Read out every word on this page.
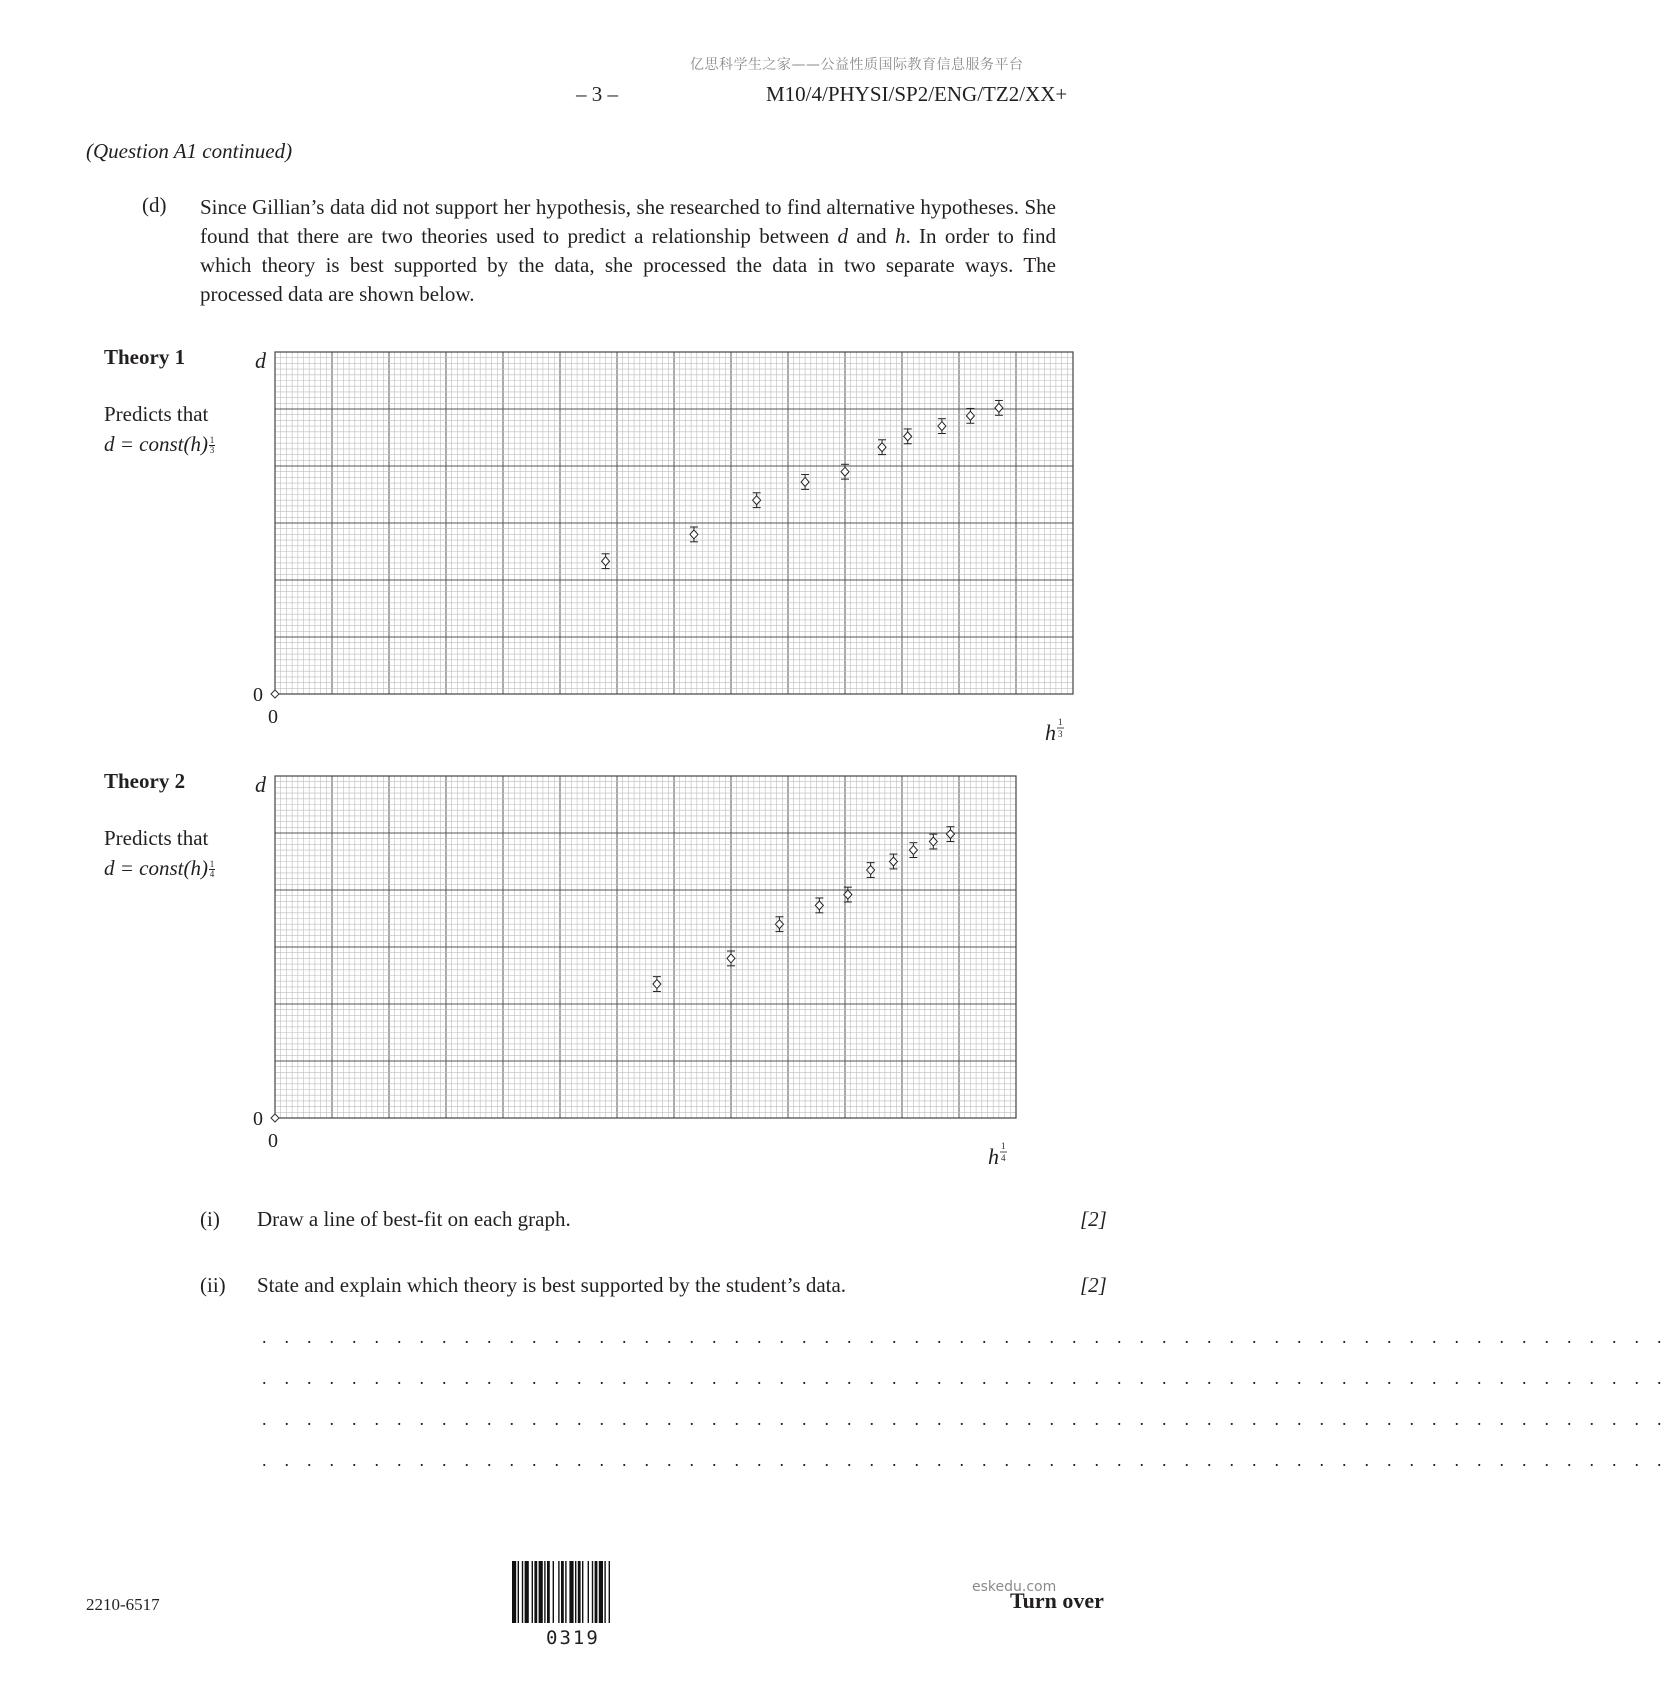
亿思科学生之家——公益性质国际教育信息服务平台
– 3 –	M10/4/PHYSI/SP2/ENG/TZ2/XX+
(Question A1 continued)
(d) Since Gillian’s data did not support her hypothesis, she researched to find alternative hypotheses. She found that there are two theories used to predict a relationship between d and h. In order to find which theory is best supported by the data, she processed the data in two separate ways. The processed data are shown below.
Theory 1
Predicts that
d = const(h) $\frac{1}{3}$
d
0
0
h 1
3
Theory 2
Predicts that
d = const(h) $\frac{1}{4}$
d
0
0
h 1
4
(i) Draw a line of best-fit on each graph.	[2]
(ii) State and explain which theory is best supported by the student’s data.	[2]
. . . . . . . . . . . . . . . . . . . . . . . . . . . . . . . . . . . . . . . . . . . . . . . . . . . . . . . . . . . . . . .
. . . . . . . . . . . . . . . . . . . . . . . . . . . . . . . . . . . . . . . . . . . . . . . . . . . . . . . . . . . . . . .
. . . . . . . . . . . . . . . . . . . . . . . . . . . . . . . . . . . . . . . . . . . . . . . . . . . . . . . . . . . . . . .
. . . . . . . . . . . . . . . . . . . . . . . . . . . . . . . . . . . . . . . . . . . . . . . . . . . . . . . . . . . . . . .
2210-6517
0319
eskedu.com
Turn over
